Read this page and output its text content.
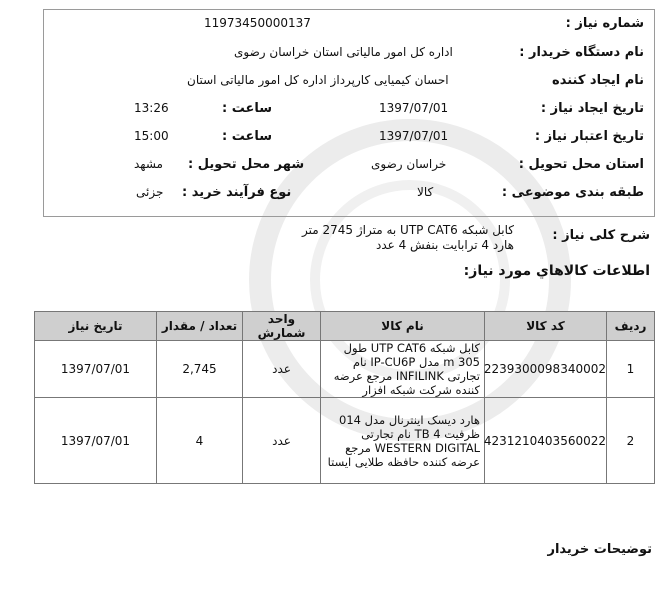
شماره نیاز :
11973450000137
نام دستگاه خریدار :
اداره کل امور مالیاتی استان خراسان رضوی
نام ایجاد کننده
احسان کیمیایی کارپرداز اداره کل امور مالیاتی استان
تاریخ ایجاد نیاز :
1397/07/01
ساعت :
13:26
تاریخ اعتبار نیاز :
1397/07/01
ساعت :
15:00
استان محل تحویل :
خراسان رضوی
شهر محل تحویل :
مشهد
طبقه بندی موضوعی :
کالا
نوع فرآیند خرید :
جزئی
شرح کلی نیاز :
کابل شبکه UTP CAT6 به متراژ 2745 متر
هارد 4 ترابایت بنفش 4 عدد
اطلاعات كالاهاي مورد نياز:
ردیف	کد کالا	نام کالا	واحد شمارش	تعداد / مقدار	تاریخ نیاز
1	2239300098340002	کابل شبکه UTP CAT6 طول 305 m مدل IP-CU6P نام تجارتی INFILINK مرجع عرضه کننده شرکت شبکه افزار	عدد	2,745	1397/07/01
2	4231210403560022	هارد دیسک اینترنال مدل 014 ظرفیت 4 TB نام تجارتی WESTERN DIGITAL مرجع عرضه کننده حافظه طلایی ایستا	عدد	4	1397/07/01
توضیحات خریدار
